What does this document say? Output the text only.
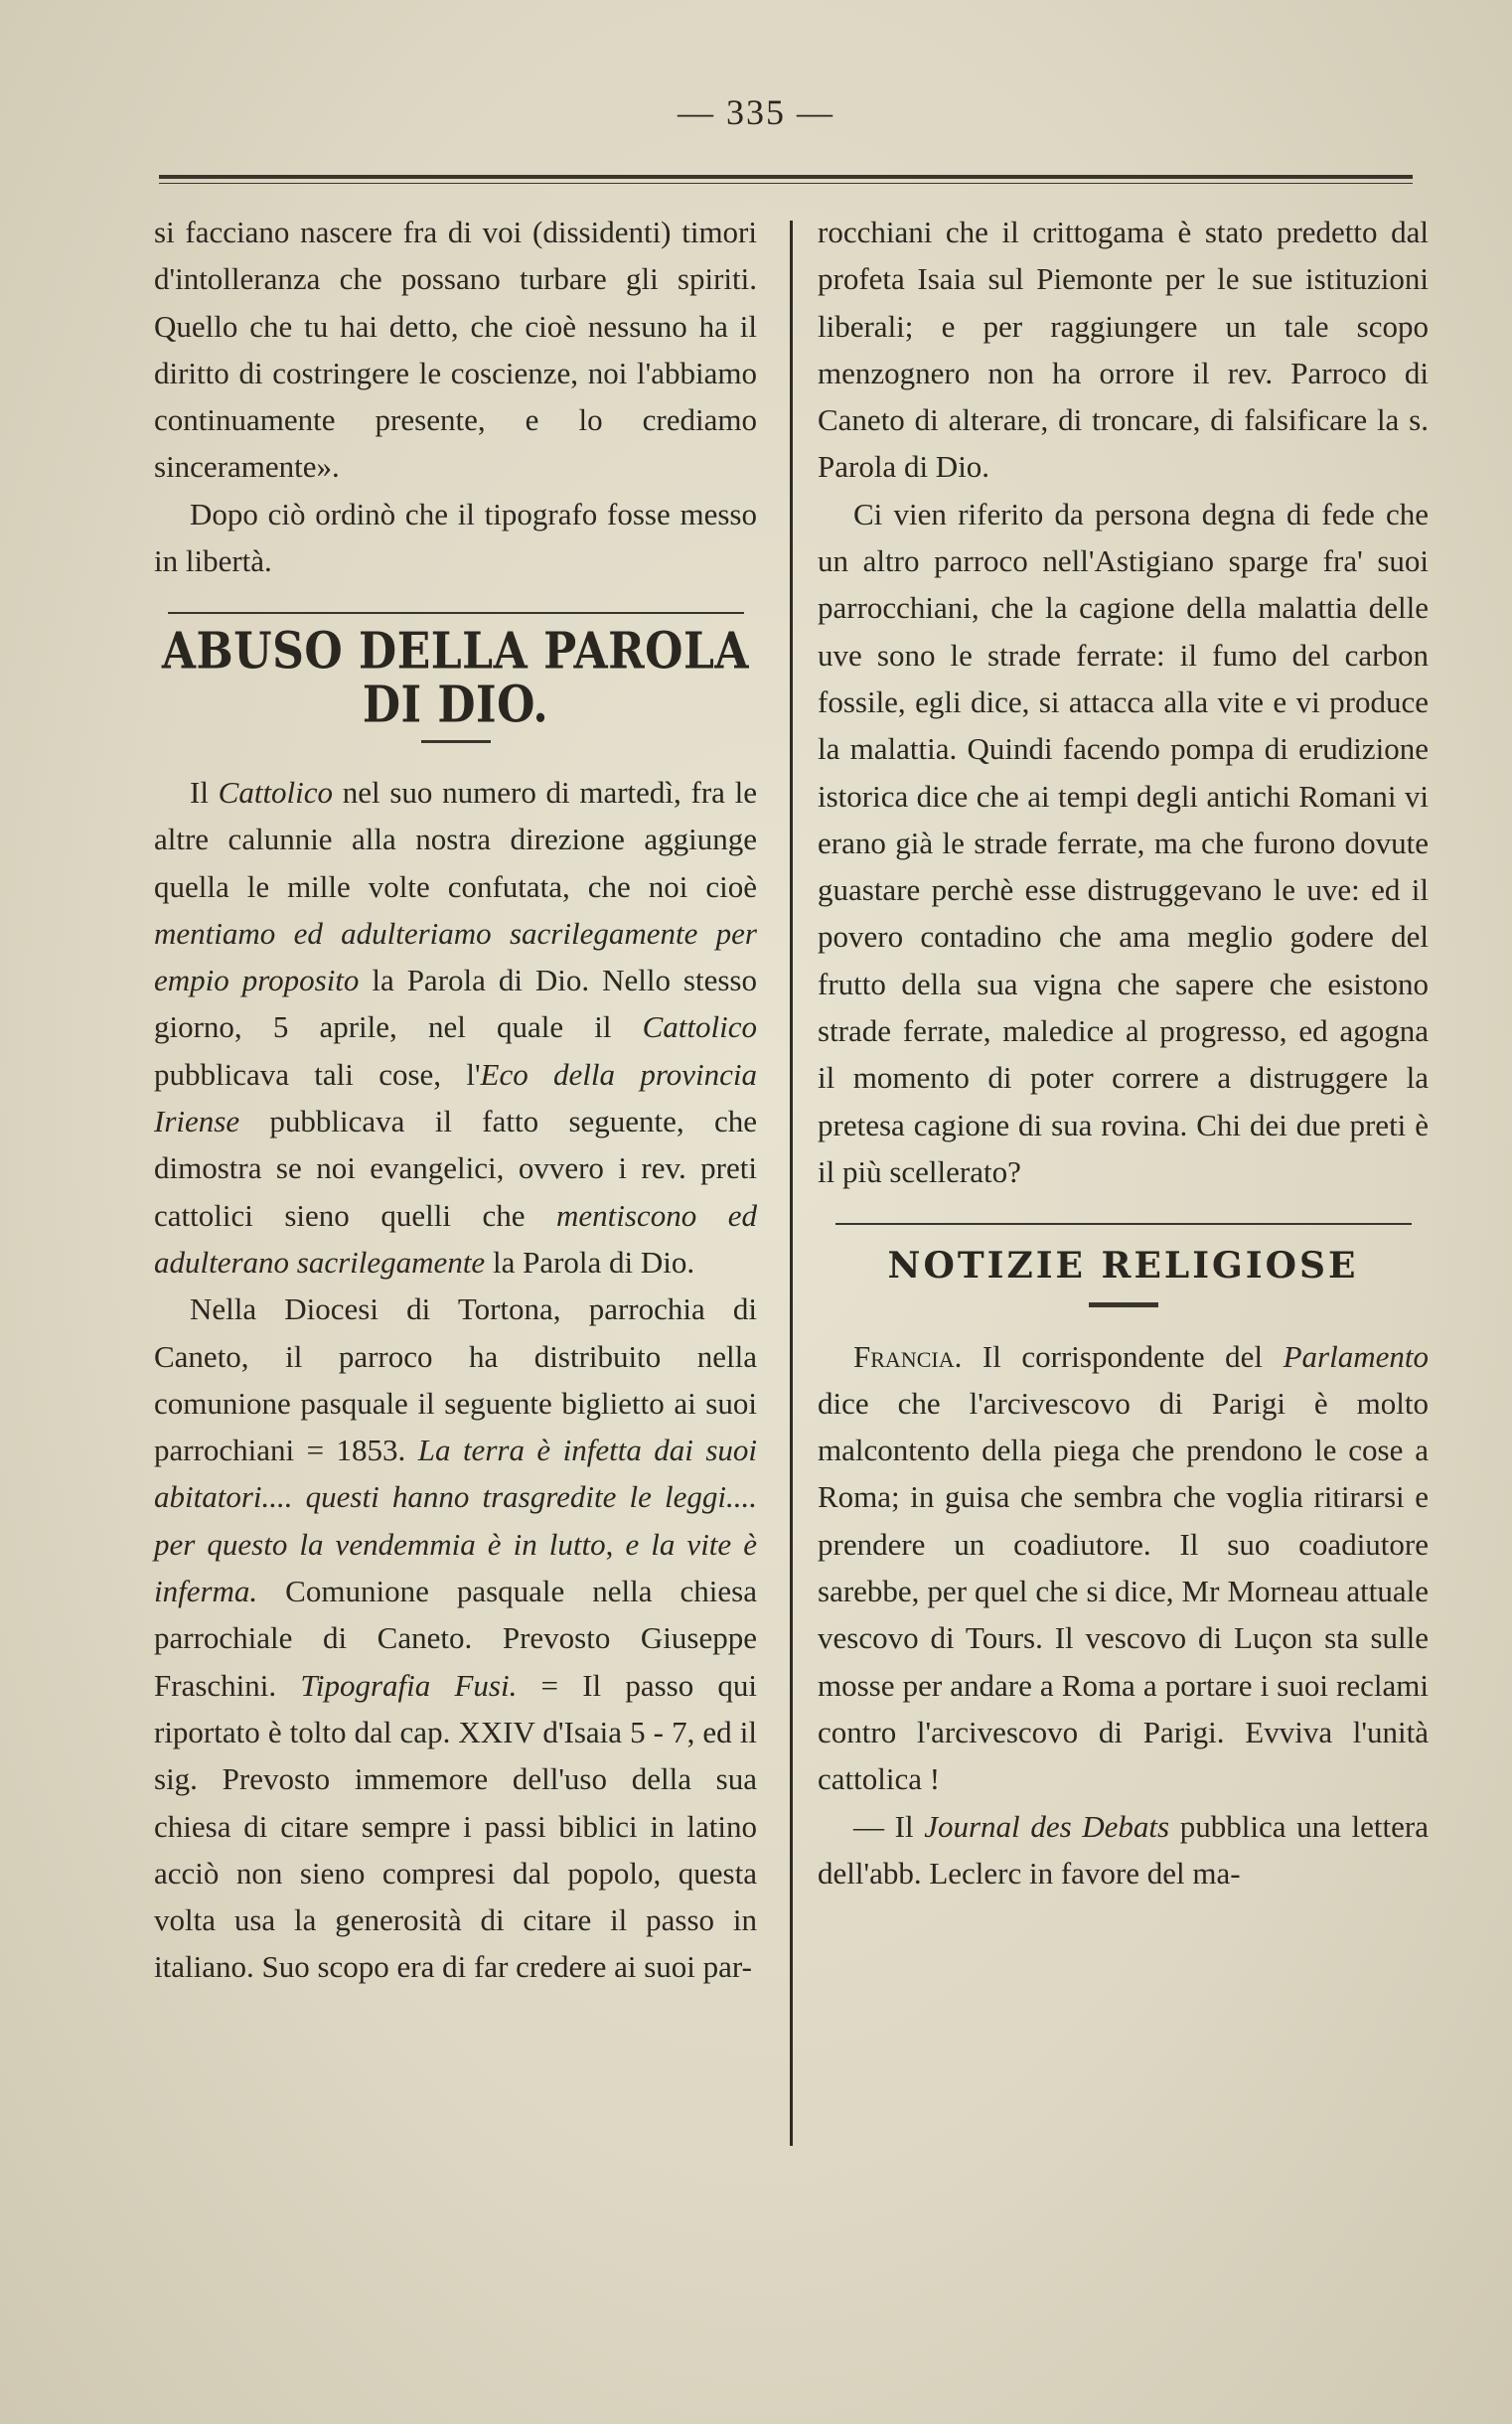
— 335 —

si facciano nascere fra di voi (dissidenti) timori d'intolleranza che possano turbare gli spiriti. Quello che tu hai detto, che cioè nessuno ha il diritto di costringere le coscienze, noi l'abbiamo continuamente presente, e lo crediamo sinceramente».

Dopo ciò ordinò che il tipografo fosse messo in libertà.

ABUSO DELLA PAROLA DI DIO.

Il Cattolico nel suo numero di martedì, fra le altre calunnie alla nostra direzione aggiunge quella le mille volte confutata, che noi cioè mentiamo ed adulteriamo sacrilegamente per empio proposito la Parola di Dio. Nello stesso giorno, 5 aprile, nel quale il Cattolico pubblicava tali cose, l'Eco della provincia Iriense pubblicava il fatto seguente, che dimostra se noi evangelici, ovvero i rev. preti cattolici sieno quelli che mentiscono ed adulterano sacrilegamente la Parola di Dio.

Nella Diocesi di Tortona, parrochia di Caneto, il parroco ha distribuito nella comunione pasquale il seguente biglietto ai suoi parrochiani = 1853. La terra è infetta dai suoi abitatori.... questi hanno trasgredite le leggi.... per questo la vendemmia è in lutto, e la vite è inferma. Comunione pasquale nella chiesa parrochiale di Caneto. Prevosto Giuseppe Fraschini. Tipografia Fusi. = Il passo qui riportato è tolto dal cap. XXIV d'Isaia 5 - 7, ed il sig. Prevosto immemore dell'uso della sua chiesa di citare sempre i passi biblici in latino acciò non sieno compresi dal popolo, questa volta usa la generosità di citare il passo in italiano. Suo scopo era di far credere ai suoi par-

rocchiani che il crittogama è stato predetto dal profeta Isaia sul Piemonte per le sue istituzioni liberali; e per raggiungere un tale scopo menzognero non ha orrore il rev. Parroco di Caneto di alterare, di troncare, di falsificare la s. Parola di Dio.

Ci vien riferito da persona degna di fede che un altro parroco nell'Astigiano sparge fra' suoi parrocchiani, che la cagione della malattia delle uve sono le strade ferrate: il fumo del carbon fossile, egli dice, si attacca alla vite e vi produce la malattia. Quindi facendo pompa di erudizione istorica dice che ai tempi degli antichi Romani vi erano già le strade ferrate, ma che furono dovute guastare perchè esse distruggevano le uve: ed il povero contadino che ama meglio godere del frutto della sua vigna che sapere che esistono strade ferrate, maledice al progresso, ed agogna il momento di poter correre a distruggere la pretesa cagione di sua rovina. Chi dei due preti è il più scellerato?

NOTIZIE RELIGIOSE

Francia. Il corrispondente del Parlamento dice che l'arcivescovo di Parigi è molto malcontento della piega che prendono le cose a Roma; in guisa che sembra che voglia ritirarsi e prendere un coadiutore. Il suo coadiutore sarebbe, per quel che si dice, Mr Morneau attuale vescovo di Tours. Il vescovo di Luçon sta sulle mosse per andare a Roma a portare i suoi reclami contro l'arcivescovo di Parigi. Evviva l'unità cattolica !

— Il Journal des Debats pubblica una lettera dell'abb. Leclerc in favore del ma-
